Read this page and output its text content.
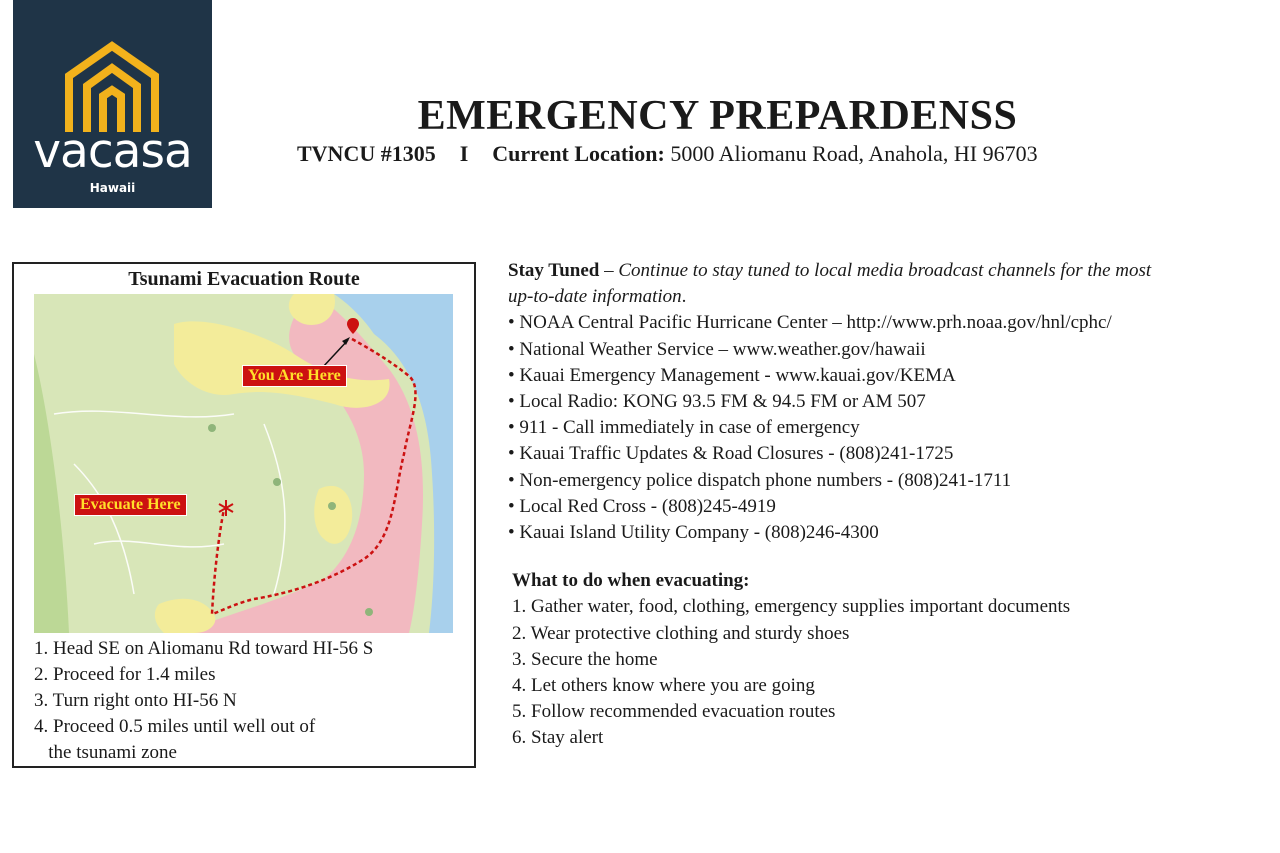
vacasa
Hawaii
EMERGENCY PREPARDENSS
TVNCU #1305 I Current Location: 5000 Aliomanu Road, Anahola, HI 96703
Tsunami Evacuation Route
You Are Here
Evacuate Here
1. Head SE on Aliomanu Rd toward HI-56 S
2. Proceed for 1.4 miles
3. Turn right onto HI-56 N
4. Proceed 0.5 miles until well out of
the tsunami zone

Stay Tuned – Continue to stay tuned to local media broadcast channels for the most
up-to-date information.

• NOAA Central Pacific Hurricane Center – http://www.prh.noaa.gov/hnl/cphc/
• National Weather Service – www.weather.gov/hawaii
• Kauai Emergency Management - www.kauai.gov/KEMA
• Local Radio: KONG 93.5 FM & 94.5 FM or AM 507
• 911 - Call immediately in case of emergency
• Kauai Traffic Updates & Road Closures - (808)241-1725
• Non-emergency police dispatch phone numbers - (808)241-1711
• Local Red Cross - (808)245-4919
• Kauai Island Utility Company - (808)246-4300

What to do when evacuating:

1. Gather water, food, clothing, emergency supplies important documents
2. Wear protective clothing and sturdy shoes
3. Secure the home
4. Let others know where you are going
5. Follow recommended evacuation routes
6. Stay alert
